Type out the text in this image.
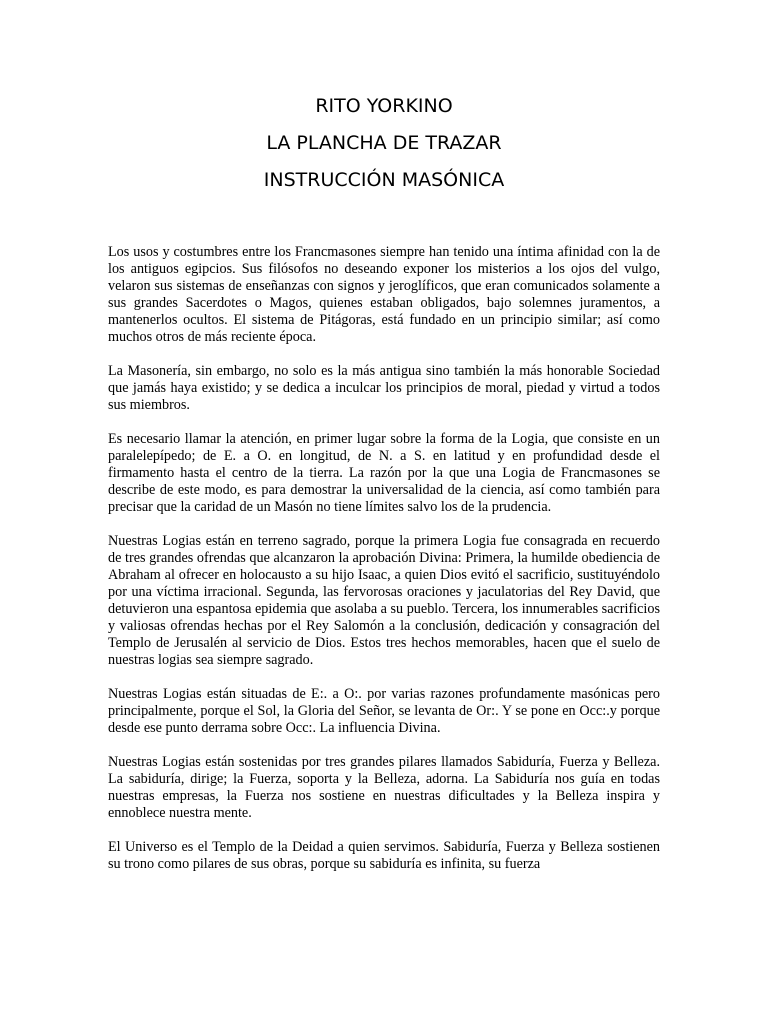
RITO YORKINO
LA PLANCHA DE TRAZAR
INSTRUCCIÓN MASÓNICA

Los usos y costumbres entre los Francmasones siempre han tenido una íntima afinidad con la de los antiguos egipcios. Sus filósofos no deseando exponer los misterios a los ojos del vulgo, velaron sus sistemas de enseñanzas con signos y jeroglíficos, que eran comunicados solamente a sus grandes Sacerdotes o Magos, quienes estaban obligados, bajo solemnes juramentos, a mantenerlos ocultos. El sistema de Pitágoras, está fundado en un principio similar; así como muchos otros de más reciente época.

La Masonería, sin embargo, no solo es la más antigua sino también la más honorable Sociedad que jamás haya existido; y se dedica a inculcar los principios de moral, piedad y virtud a todos sus miembros.

Es necesario llamar la atención, en primer lugar sobre la forma de la Logia, que consiste en un paralelepípedo; de E. a O. en longitud, de N. a S. en latitud y en profundidad desde el firmamento hasta el centro de la tierra. La razón por la que una Logia de Francmasones se describe de este modo, es para demostrar la universalidad de la ciencia, así como también para precisar que la caridad de un Masón no tiene límites salvo los de la prudencia.

Nuestras Logias están en terreno sagrado, porque la primera Logia fue consagrada en recuerdo de tres grandes ofrendas que alcanzaron la aprobación Divina: Primera, la humilde obediencia de Abraham al ofrecer en holocausto a su hijo Isaac, a quien Dios evitó el sacrificio, sustituyéndolo por una víctima irracional. Segunda, las fervorosas oraciones y jaculatorias del Rey David, que detuvieron una espantosa epidemia que asolaba a su pueblo. Tercera, los innumerables sacrificios y valiosas ofrendas hechas por el Rey Salomón a la conclusión, dedicación y consagración del Templo de Jerusalén al servicio de Dios. Estos tres hechos memorables, hacen que el suelo de nuestras logias sea siempre sagrado.

Nuestras Logias están situadas de E:. a O:. por varias razones profundamente masónicas pero principalmente, porque el Sol, la Gloria del Señor, se levanta de Or:. Y se pone en Occ:.y porque desde ese punto derrama sobre Occ:. La influencia Divina.

Nuestras Logias están sostenidas por tres grandes pilares llamados Sabiduría, Fuerza y Belleza. La sabiduría, dirige; la Fuerza, soporta y la Belleza, adorna. La Sabiduría nos guía en todas nuestras empresas, la Fuerza nos sostiene en nuestras dificultades y la Belleza inspira y ennoblece nuestra mente.

El Universo es el Templo de la Deidad a quien servimos. Sabiduría, Fuerza y Belleza sostienen su trono como pilares de sus obras, porque su sabiduría es infinita, su fuerza
